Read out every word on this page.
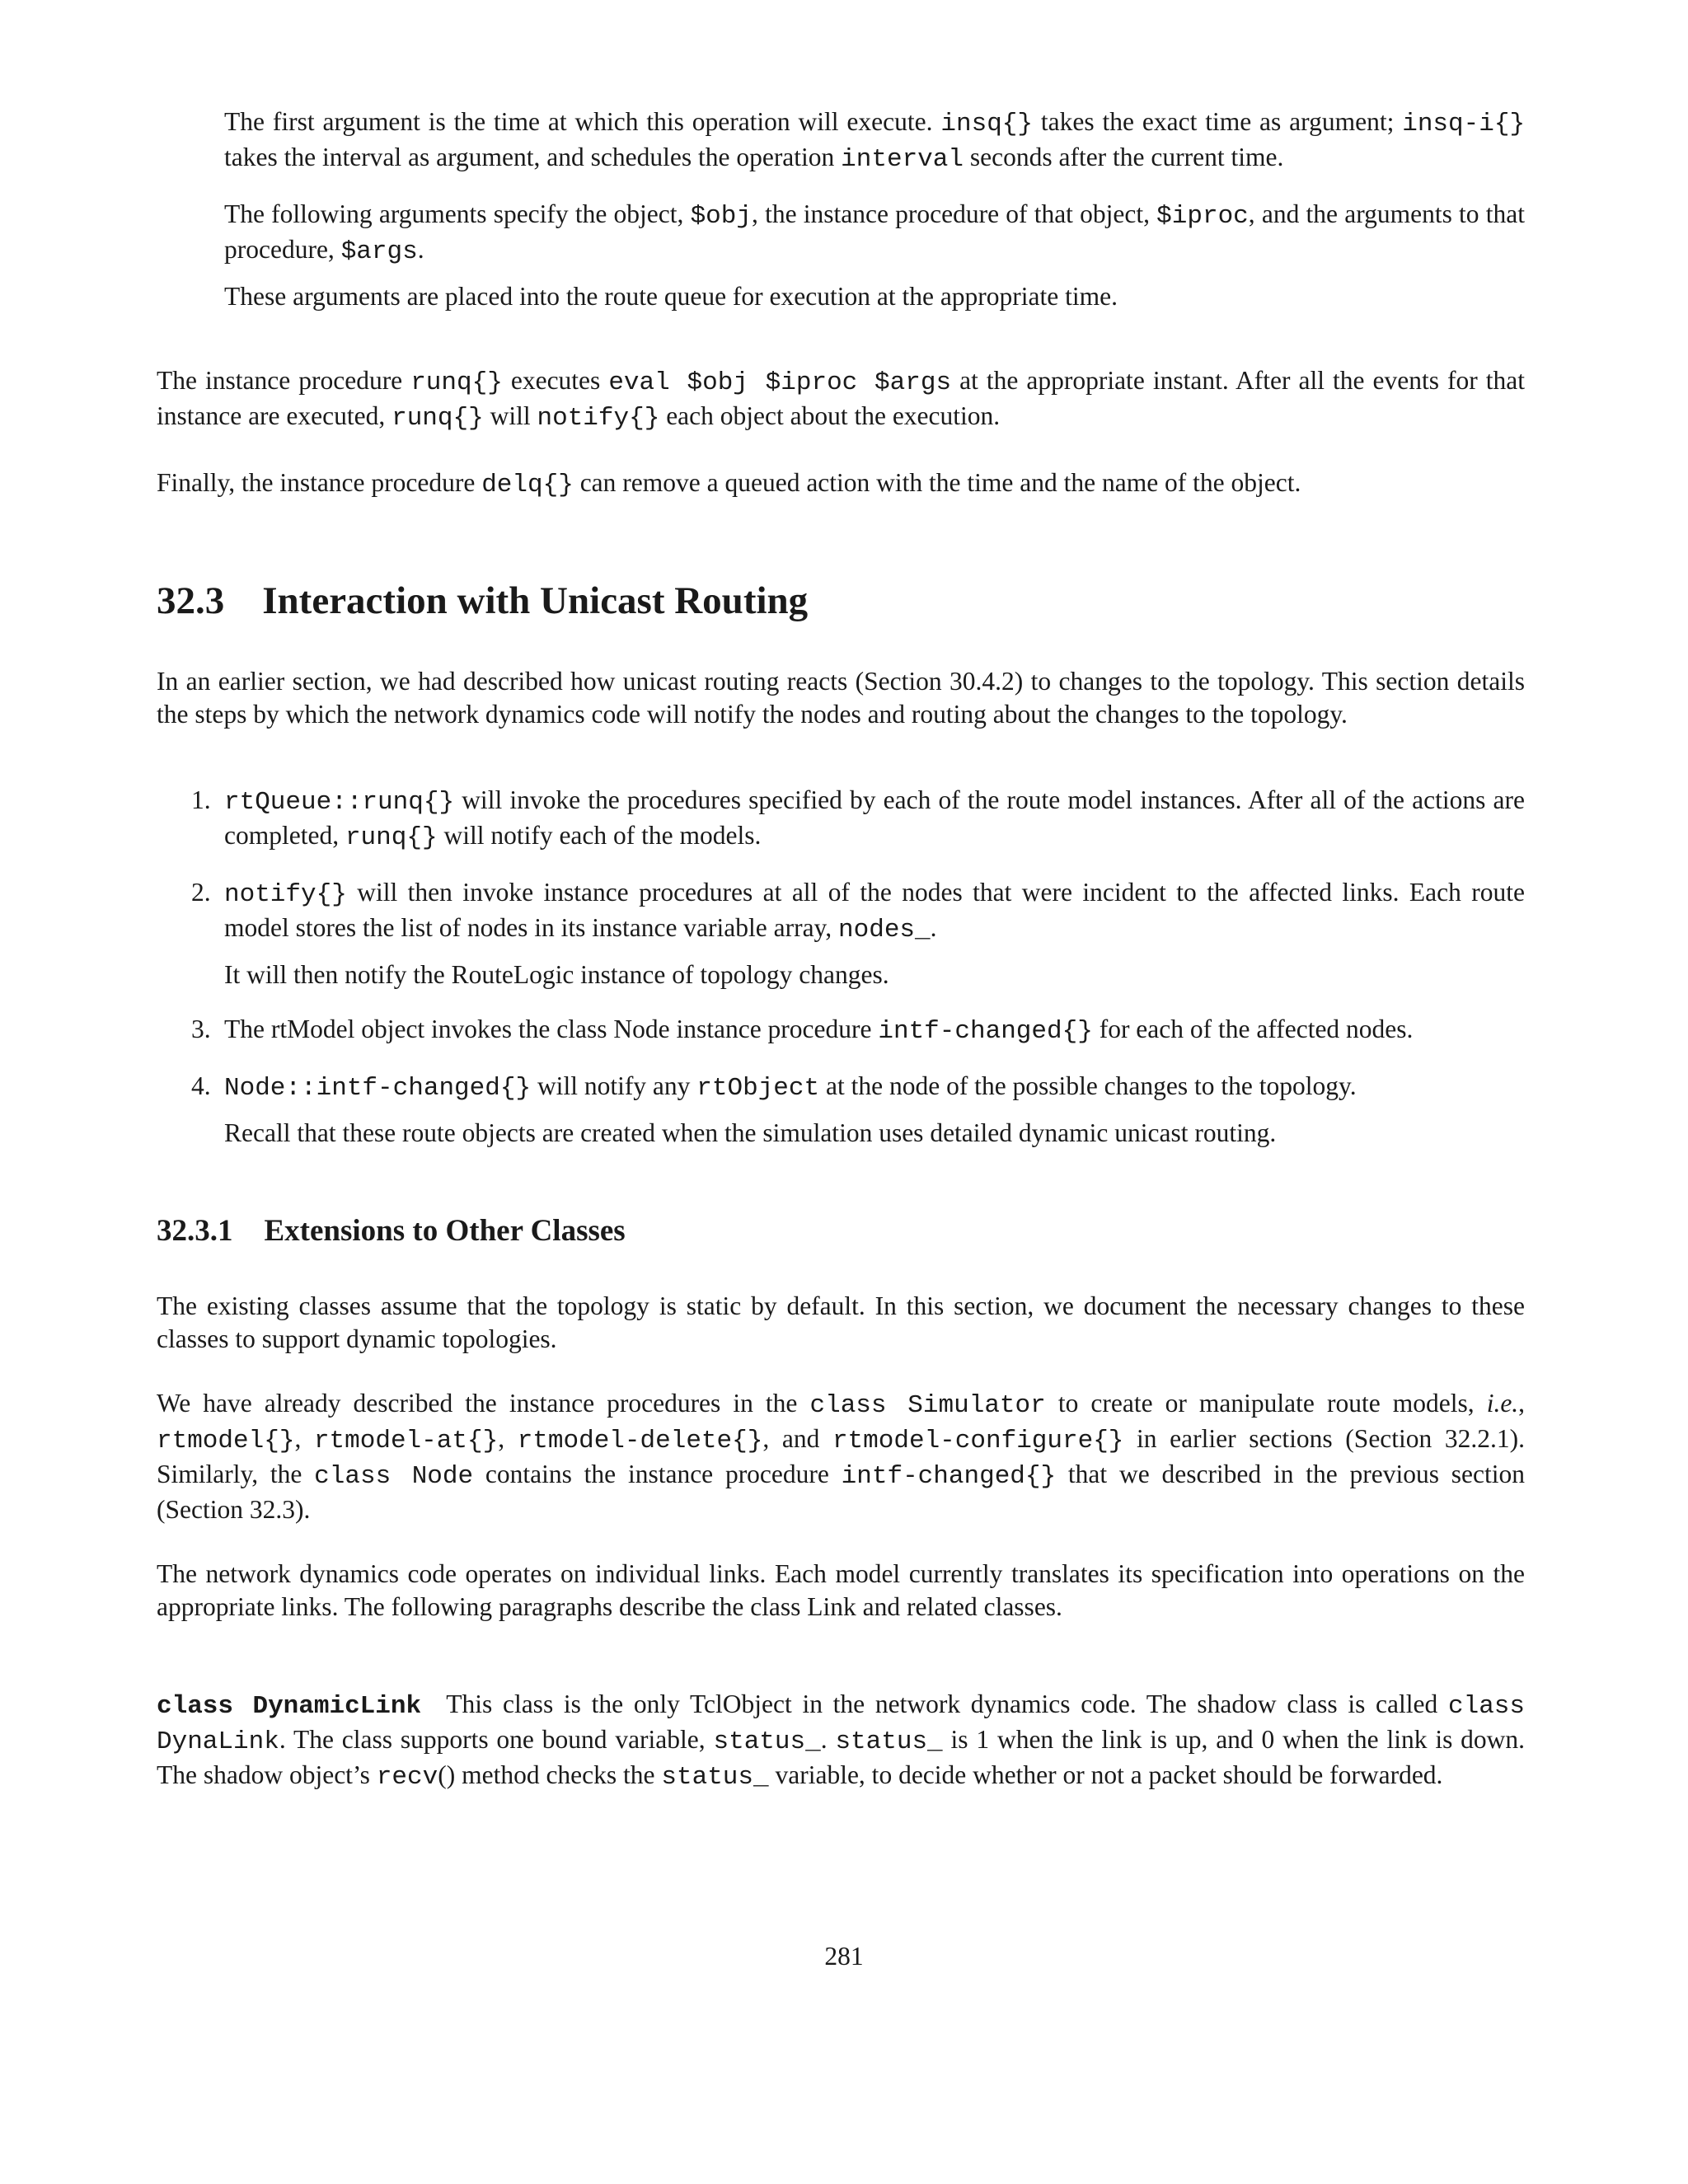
The first argument is the time at which this operation will execute. insq{} takes the exact time as argument; insq-i{} takes the interval as argument, and schedules the operation interval seconds after the current time.

The following arguments specify the object, $obj, the instance procedure of that object, $iproc, and the arguments to that procedure, $args.

These arguments are placed into the route queue for execution at the appropriate time.

The instance procedure runq{} executes eval $obj $iproc $args at the appropriate instant. After all the events for that instance are executed, runq{} will notify{} each object about the execution.

Finally, the instance procedure delq{} can remove a queued action with the time and the name of the object.

32.3 Interaction with Unicast Routing

In an earlier section, we had described how unicast routing reacts (Section 30.4.2) to changes to the topology. This section details the steps by which the network dynamics code will notify the nodes and routing about the changes to the topology.

1. rtQueue::runq{} will invoke the procedures specified by each of the route model instances. After all of the actions are completed, runq{} will notify each of the models.
2. notify{} will then invoke instance procedures at all of the nodes that were incident to the affected links. Each route model stores the list of nodes in its instance variable array, nodes_.
It will then notify the RouteLogic instance of topology changes.
3. The rtModel object invokes the class Node instance procedure intf-changed{} for each of the affected nodes.
4. Node::intf-changed{} will notify any rtObject at the node of the possible changes to the topology.
Recall that these route objects are created when the simulation uses detailed dynamic unicast routing.
32.3.1 Extensions to Other Classes

The existing classes assume that the topology is static by default. In this section, we document the necessary changes to these classes to support dynamic topologies.

We have already described the instance procedures in the class Simulator to create or manipulate route models, i.e., rtmodel{}, rtmodel-at{}, rtmodel-delete{}, and rtmodel-configure{} in earlier sections (Section 32.2.1). Similarly, the class Node contains the instance procedure intf-changed{} that we described in the previous section (Section 32.3).

The network dynamics code operates on individual links. Each model currently translates its specification into operations on the appropriate links. The following paragraphs describe the class Link and related classes.

class DynamicLink This class is the only TclObject in the network dynamics code. The shadow class is called class DynaLink. The class supports one bound variable, status_. status_ is 1 when the link is up, and 0 when the link is down. The shadow object’s recv() method checks the status_ variable, to decide whether or not a packet should be forwarded.

281
